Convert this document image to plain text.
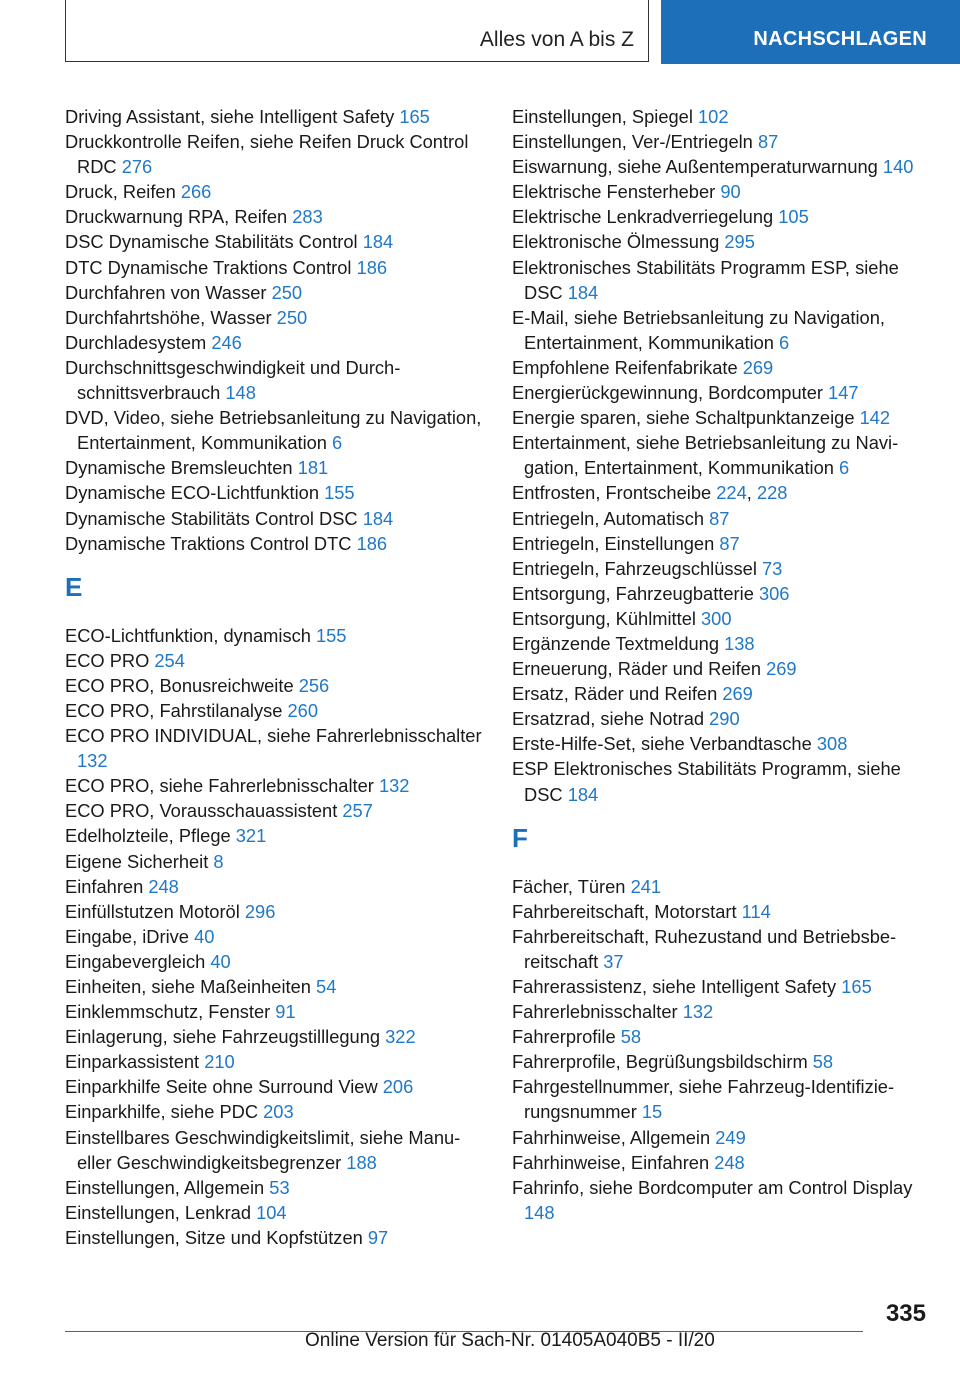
Alles von A bis Z	NACHSCHLAGEN

Driving Assistant, siehe Intelligent Safety 165

Druckkontrolle Reifen, siehe Reifen Druck Control RDC 276

Druck, Reifen 266

Druckwarnung RPA, Reifen 283

DSC Dynamische Stabilitäts Control 184

DTC Dynamische Traktions Control 186

Durchfahren von Wasser 250

Durchfahrtshöhe, Wasser 250

Durchladesystem 246

Durchschnittsgeschwindigkeit und Durchschnittsverbrauch 148

DVD, Video, siehe Betriebsanleitung zu Navigation, Entertainment, Kommunikation 6

Dynamische Bremsleuchten 181

Dynamische ECO-Lichtfunktion 155

Dynamische Stabilitäts Control DSC 184

Dynamische Traktions Control DTC 186

E

ECO-Lichtfunktion, dynamisch 155

ECO PRO 254

ECO PRO, Bonusreichweite 256

ECO PRO, Fahrstilanalyse 260

ECO PRO INDIVIDUAL, siehe Fahrerlebnisschalter 132

ECO PRO, siehe Fahrerlebnisschalter 132

ECO PRO, Vorausschauassistent 257

Edelholzteile, Pflege 321

Eigene Sicherheit 8

Einfahren 248

Einfüllstutzen Motoröl 296

Eingabe, iDrive 40

Eingabevergleich 40

Einheiten, siehe Maßeinheiten 54

Einklemmschutz, Fenster 91

Einlagerung, siehe Fahrzeugstilllegung 322

Einparkassistent 210

Einparkhilfe Seite ohne Surround View 206

Einparkhilfe, siehe PDC 203

Einstellbares Geschwindigkeitslimit, siehe Manueller Geschwindigkeitsbegrenzer 188

Einstellungen, Allgemein 53

Einstellungen, Lenkrad 104

Einstellungen, Sitze und Kopfstützen 97

Einstellungen, Spiegel 102

Einstellungen, Ver-/Entriegeln 87

Eiswarnung, siehe Außentemperaturwarnung 140

Elektrische Fensterheber 90

Elektrische Lenkradverriegelung 105

Elektronische Ölmessung 295

Elektronisches Stabilitäts Programm ESP, siehe DSC 184

E-Mail, siehe Betriebsanleitung zu Navigation, Entertainment, Kommunikation 6

Empfohlene Reifenfabrikate 269

Energierückgewinnung, Bordcomputer 147

Energie sparen, siehe Schaltpunktanzeige 142

Entertainment, siehe Betriebsanleitung zu Navigation, Entertainment, Kommunikation 6

Entfrosten, Frontscheibe 224, 228

Entriegeln, Automatisch 87

Entriegeln, Einstellungen 87

Entriegeln, Fahrzeugschlüssel 73

Entsorgung, Fahrzeugbatterie 306

Entsorgung, Kühlmittel 300

Ergänzende Textmeldung 138

Erneuerung, Räder und Reifen 269

Ersatz, Räder und Reifen 269

Ersatzrad, siehe Notrad 290

Erste-Hilfe-Set, siehe Verbandtasche 308

ESP Elektronisches Stabilitäts Programm, siehe DSC 184

F

Fächer, Türen 241

Fahrbereitschaft, Motorstart 114

Fahrbereitschaft, Ruhezustand und Betriebsbereitschaft 37

Fahrerassistenz, siehe Intelligent Safety 165

Fahrerlebnisschalter 132

Fahrerprofile 58

Fahrerprofile, Begrüßungsbildschirm 58

Fahrgestellnummer, siehe Fahrzeug-Identifizierungsnummer 15

Fahrhinweise, Allgemein 249

Fahrhinweise, Einfahren 248

Fahrinfo, siehe Bordcomputer am Control Display 148

335
Online Version für Sach-Nr. 01405A040B5 - II/20
